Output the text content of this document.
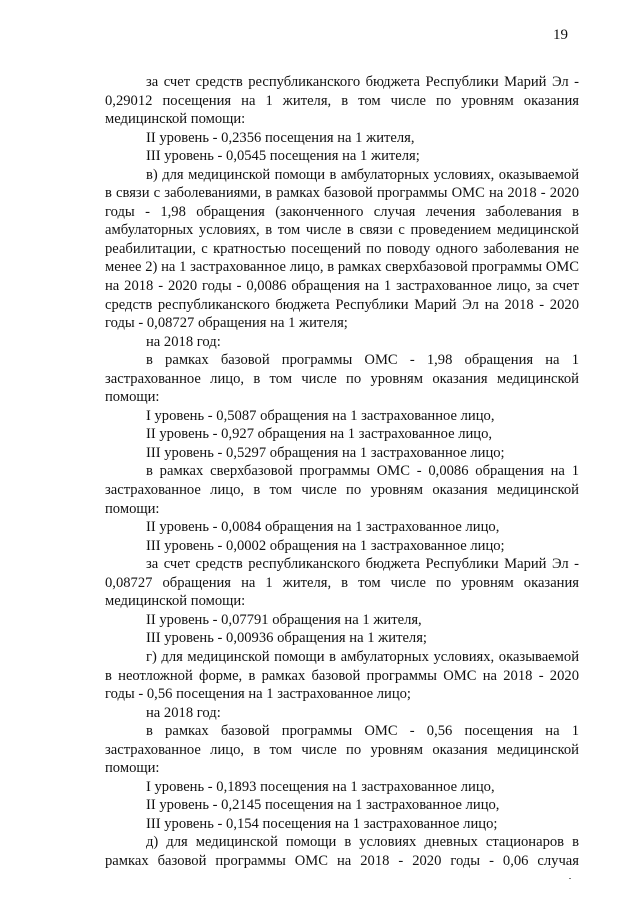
19

за счет средств республиканского бюджета Республики Марий Эл - 0,29012 посещения на 1 жителя, в том числе по уровням оказания медицинской помощи:

II уровень - 0,2356 посещения на 1 жителя,

III уровень - 0,0545 посещения на 1 жителя;

в) для медицинской помощи в амбулаторных условиях, оказываемой в связи с заболеваниями, в рамках базовой программы ОМС на 2018 - 2020 годы - 1,98 обращения (законченного случая лечения заболевания в амбулаторных условиях, в том числе в связи с проведением медицинской реабилитации, с кратностью посещений по поводу одного заболевания не менее 2) на 1 застрахованное лицо, в рамках сверхбазовой программы ОМС на 2018 - 2020 годы - 0,0086 обращения на 1 застрахованное лицо, за счет средств республиканского бюджета Республики Марий Эл на 2018 - 2020 годы - 0,08727 обращения на 1 жителя;

на 2018 год:

в рамках базовой программы ОМС - 1,98 обращения на 1 застрахованное лицо, в том числе по уровням оказания медицинской помощи:

I уровень - 0,5087 обращения на 1 застрахованное лицо,

II уровень - 0,927 обращения на 1 застрахованное лицо,

III уровень - 0,5297 обращения на 1 застрахованное лицо;

в рамках сверхбазовой программы ОМС - 0,0086 обращения на 1 застрахованное лицо, в том числе по уровням оказания медицинской помощи:

II уровень - 0,0084 обращения на 1 застрахованное лицо,

III уровень - 0,0002 обращения на 1 застрахованное лицо;

за счет средств республиканского бюджета Республики Марий Эл - 0,08727 обращения на 1 жителя, в том числе по уровням оказания медицинской помощи:

II уровень - 0,07791 обращения на 1 жителя,

III уровень - 0,00936 обращения на 1 жителя;

г) для медицинской помощи в амбулаторных условиях, оказываемой в неотложной форме, в рамках базовой программы ОМС на 2018 - 2020 годы - 0,56 посещения на 1 застрахованное лицо;

на 2018 год:

в рамках базовой программы ОМС - 0,56 посещения на 1 застрахованное лицо, в том числе по уровням оказания медицинской помощи:

I уровень - 0,1893 посещения на 1 застрахованное лицо,

II уровень - 0,2145 посещения на 1 застрахованное лицо,

III уровень - 0,154 посещения на 1 застрахованное лицо;

д) для медицинской помощи в условиях дневных стационаров в рамках базовой программы ОМС на 2018 - 2020 годы - 0,06 случая
